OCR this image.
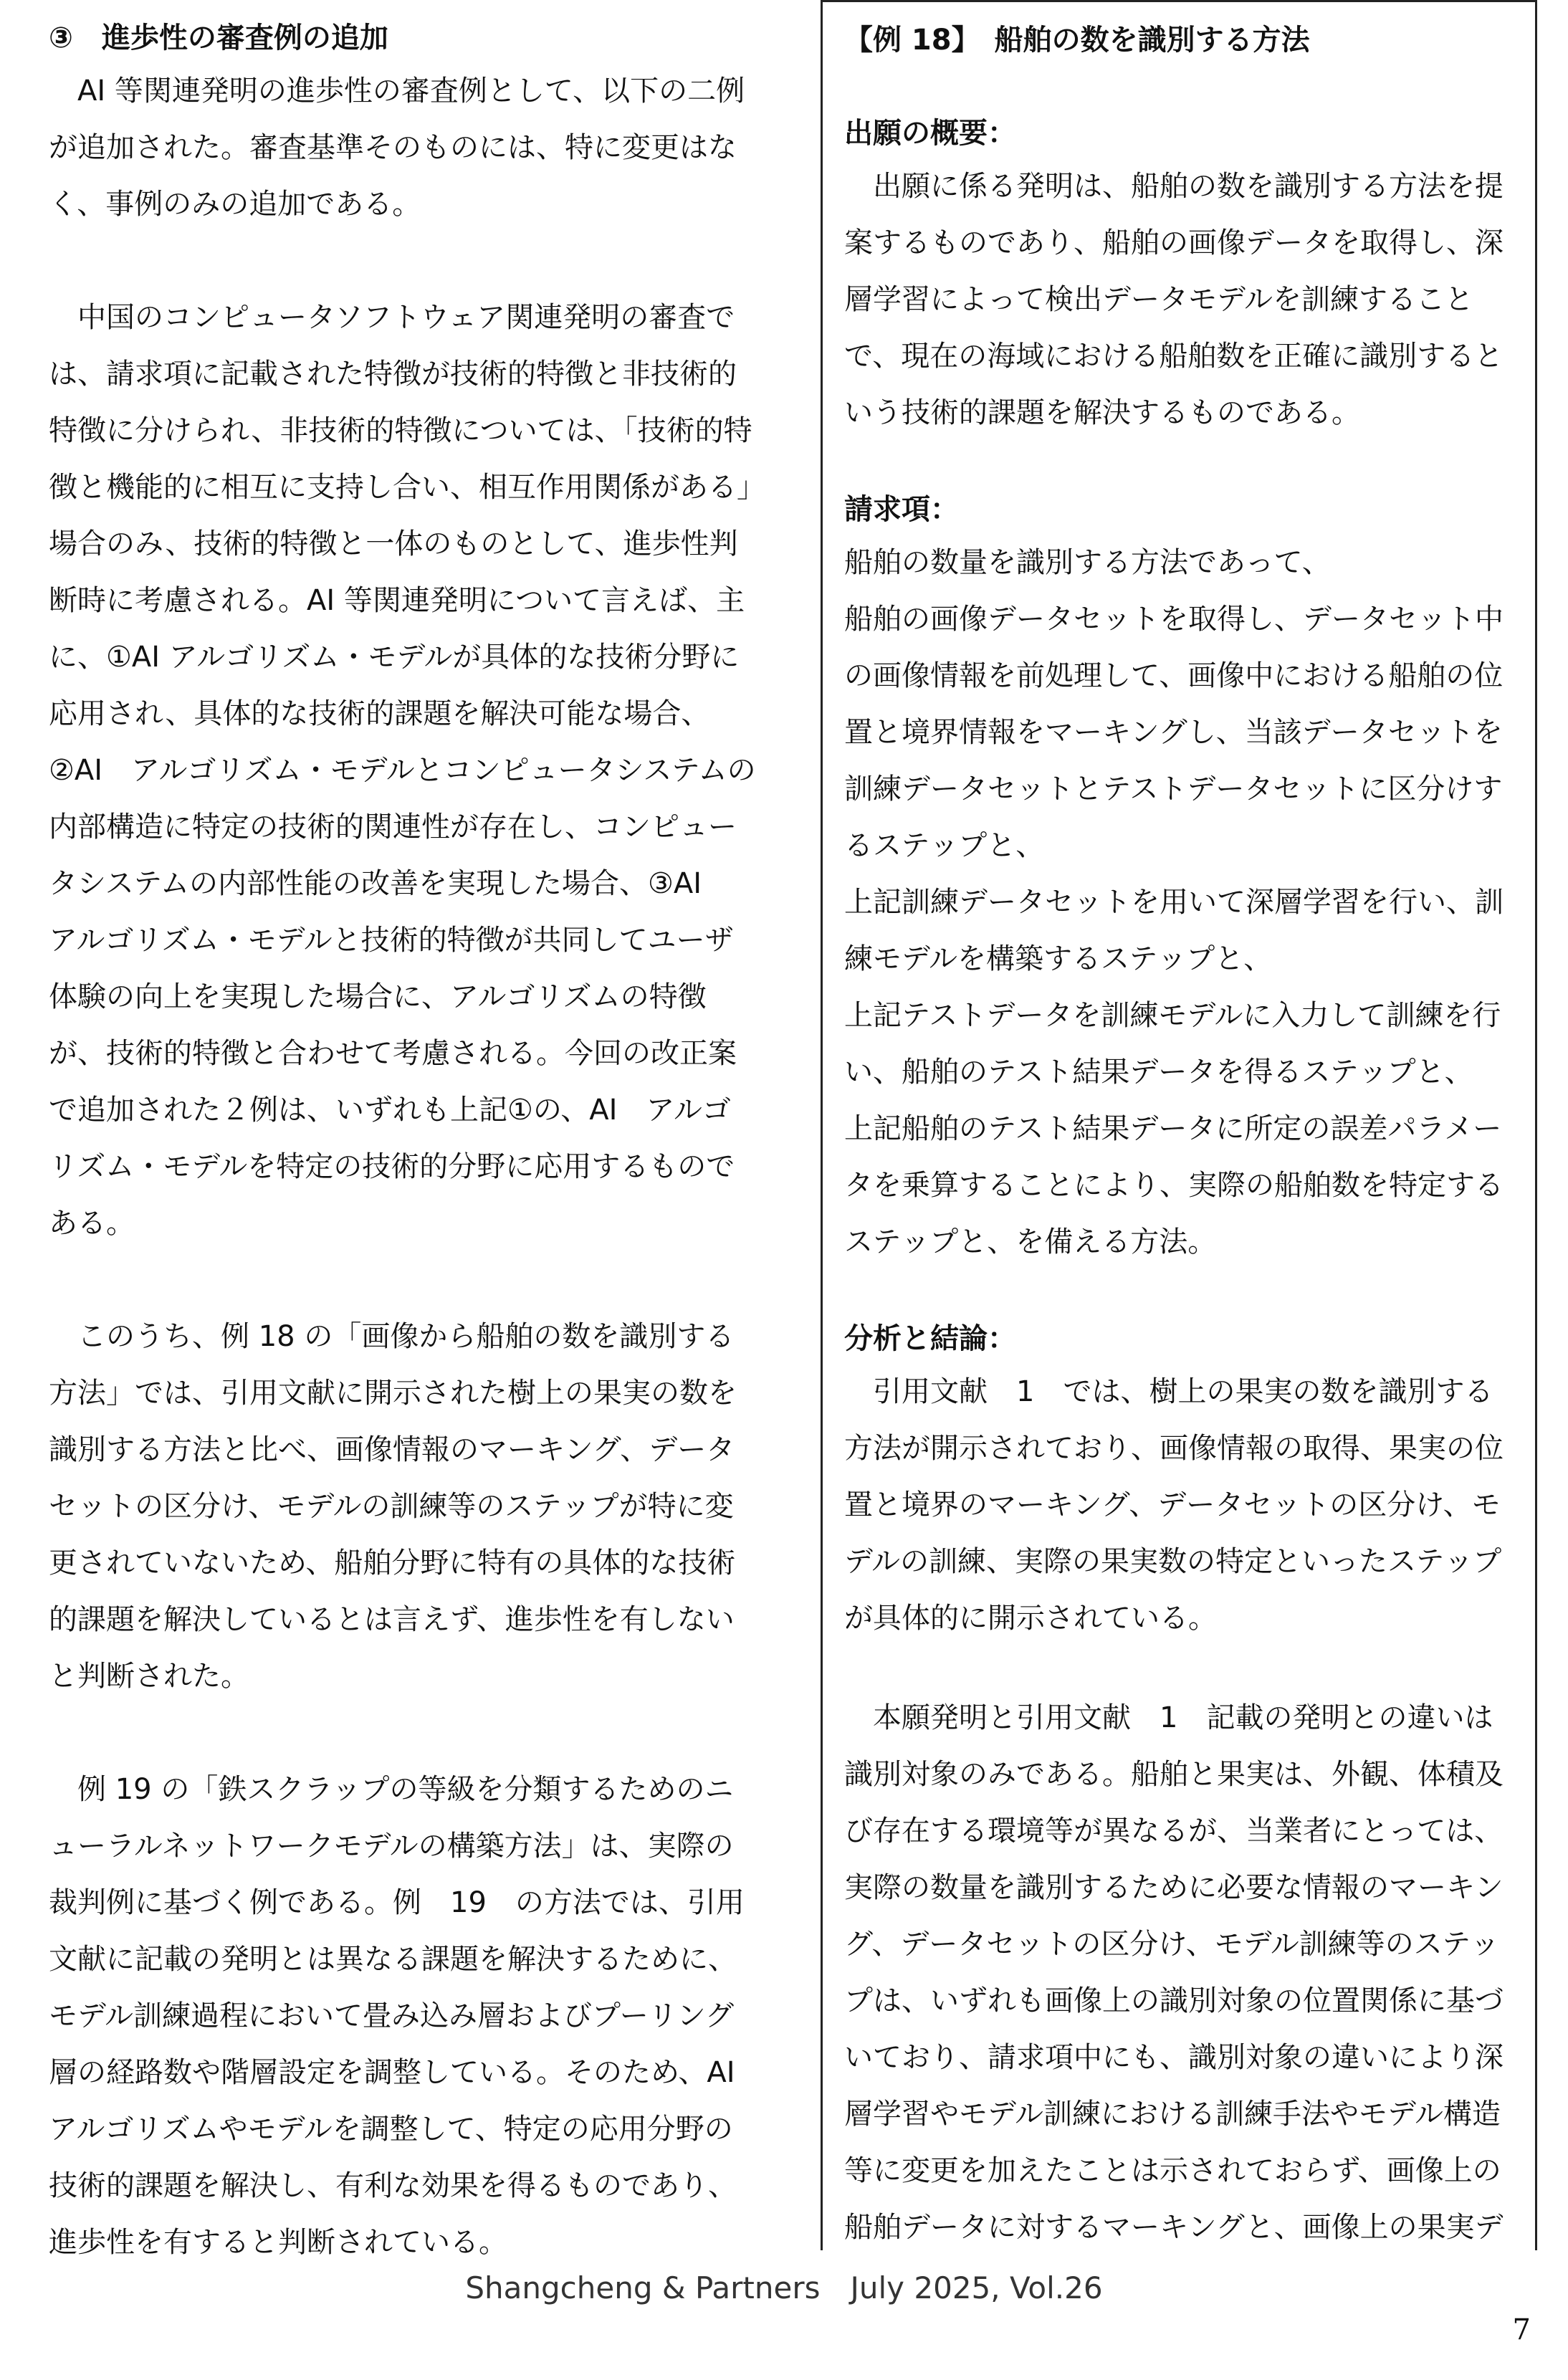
③　進歩性の審査例の追加

AI 等関連発明の進歩性の審査例として、以下の二例が追加された。審査基準そのものには、特に変更はなく、事例のみの追加である。

中国のコンピュータソフトウェア関連発明の審査では、請求項に記載された特徴が技術的特徴と非技術的特徴に分けられ、非技術的特徴については、「技術的特徴と機能的に相互に支持し合い、相互作用関係がある」場合のみ、技術的特徴と一体のものとして、進歩性判断時に考慮される。AI 等関連発明について言えば、主に、①AI アルゴリズム・モデルが具体的な技術分野に応用され、具体的な技術的課題を解決可能な場合、②AI　アルゴリズム・モデルとコンピュータシステムの内部構造に特定の技術的関連性が存在し、コンピュータシステムの内部性能の改善を実現した場合、③AI　アルゴリズム・モデルと技術的特徴が共同してユーザ体験の向上を実現した場合に、アルゴリズムの特徴が、技術的特徴と合わせて考慮される。今回の改正案で追加された２例は、いずれも上記①の、AI　アルゴリズム・モデルを特定の技術的分野に応用するものである。

このうち、例 18 の「画像から船舶の数を識別する方法」では、引用文献に開示された樹上の果実の数を識別する方法と比べ、画像情報のマーキング、データセットの区分け、モデルの訓練等のステップが特に変更されていないため、船舶分野に特有の具体的な技術的課題を解決しているとは言えず、進歩性を有しないと判断された。

例 19 の「鉄スクラップの等級を分類するためのニューラルネットワークモデルの構築方法」は、実際の裁判例に基づく例である。例　19　の方法では、引用文献に記載の発明とは異なる課題を解決するために、モデル訓練過程において畳み込み層およびプーリング層の経路数や階層設定を調整している。そのため、AI アルゴリズムやモデルを調整して、特定の応用分野の技術的課題を解決し、有利な効果を得るものであり、進歩性を有すると判断されている。

【例 18】　船舶の数を識別する方法

出願の概要：

出願に係る発明は、船舶の数を識別する方法を提案するものであり、船舶の画像データを取得し、深層学習によって検出データモデルを訓練することで、現在の海域における船舶数を正確に識別するという技術的課題を解決するものである。

請求項：

船舶の数量を識別する方法であって、

船舶の画像データセットを取得し、データセット中の画像情報を前処理して、画像中における船舶の位置と境界情報をマーキングし、当該データセットを訓練データセットとテストデータセットに区分けするステップと、

上記訓練データセットを用いて深層学習を行い、訓練モデルを構築するステップと、

上記テストデータを訓練モデルに入力して訓練を行い、船舶のテスト結果データを得るステップと、

上記船舶のテスト結果データに所定の誤差パラメータを乗算することにより、実際の船舶数を特定するステップと、を備える方法。

分析と結論：

引用文献　1　では、樹上の果実の数を識別する方法が開示されており、画像情報の取得、果実の位置と境界のマーキング、データセットの区分け、モデルの訓練、実際の果実数の特定といったステップが具体的に開示されている。

本願発明と引用文献　1　記載の発明との違いは識別対象のみである。船舶と果実は、外観、体積及び存在する環境等が異なるが、当業者にとっては、実際の数量を識別するために必要な情報のマーキング、データセットの区分け、モデル訓練等のステップは、いずれも画像上の識別対象の位置関係に基づいており、請求項中にも、識別対象の違いにより深層学習やモデル訓練における訓練手法やモデル構造等に変更を加えたことは示されておらず、画像上の船舶データに対するマーキングと、画像上の果実デ

Shangcheng & Partners　July 2025, Vol.26
7
